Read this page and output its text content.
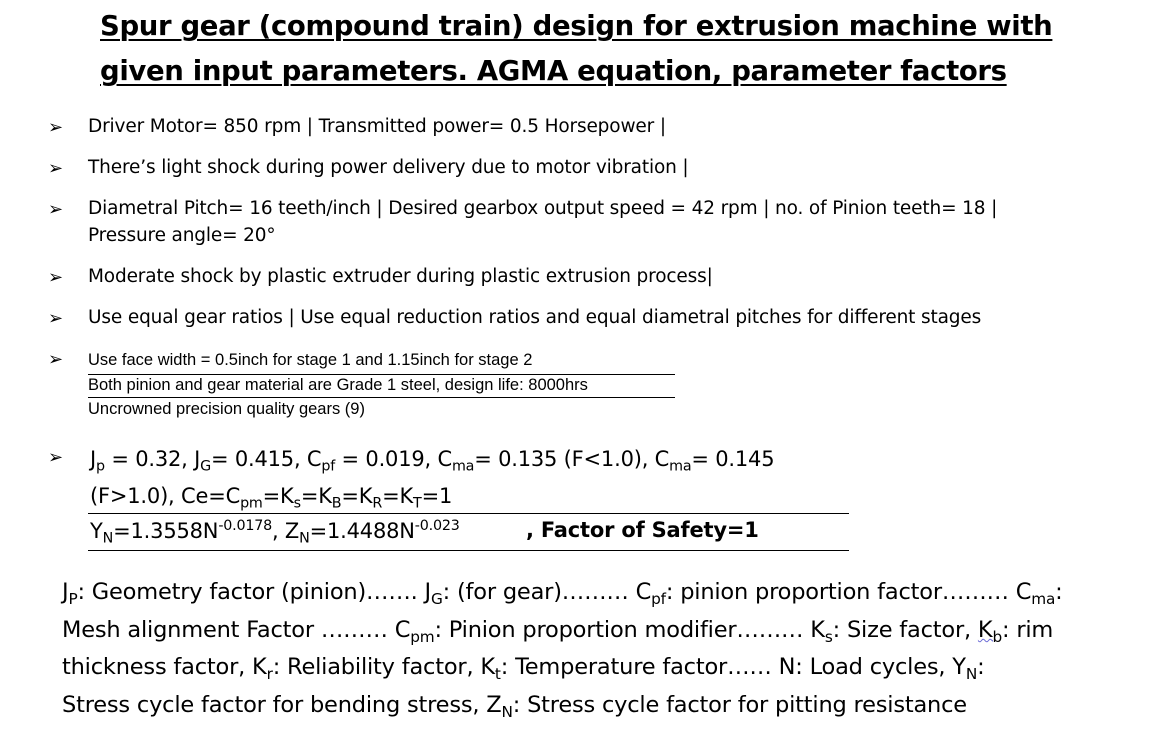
Spur gear (compound train) design for extrusion machine with
given input parameters. AGMA equation, parameter factors
➢ Driver Motor= 850 rpm | Transmitted power= 0.5 Horsepower |
➢ There’s light shock during power delivery due to motor vibration |
➢ Diametral Pitch= 16 teeth/inch | Desired gearbox output speed = 42 rpm | no. of Pinion teeth= 18 |
Pressure angle= 20°
➢ Moderate shock by plastic extruder during plastic extrusion process|
➢ Use equal gear ratios | Use equal reduction ratios and equal diametral pitches for different stages
➢ Use face width = 0.5inch for stage 1 and 1.15inch for stage 2
Both pinion and gear material are Grade 1 steel, design life: 8000hrs
Uncrowned precision quality gears (9)
➢ $J_p = 0.32$, $J_G= 0.415$, $C_{pf} = 0.019$, $C_{ma}= 0.135$ (F<1.0), $C_{ma}= 0.145$
(F>1.0), $Ce=C_{pm}=K_s=K_B=K_R=K_T=1$
$Y_N=1.3558N^{-0.0178}$, $Z_N=1.4488N^{-0.023}$	, Factor of Safety=1
$J_P$: Geometry factor (pinion)……. $J_G$: (for gear)……… $C_{pf}$: pinion proportion factor……… $C_{ma}$:
Mesh alignment Factor ……… $C_{pm}$: Pinion proportion modifier……… $K_s$: Size factor, $K_b$: rim
thickness factor, $K_r$: Reliability factor, $K_t$: Temperature factor…… N: Load cycles, $Y_N$:
Stress cycle factor for bending stress, $Z_N$: Stress cycle factor for pitting resistance
